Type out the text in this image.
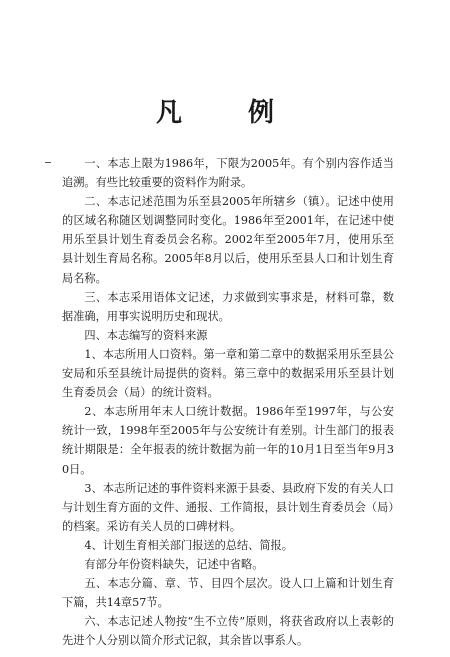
凡　例

一、本志上限为1986年，下限为2005年。有个别内容作适当追溯。有些比较重要的资料作为附录。

二、本志记述范围为乐至县2005年所辖乡（镇）。记述中使用的区域名称随区划调整同时变化。1986年至2001年，在记述中使用乐至县计划生育委员会名称。2002年至2005年7月，使用乐至县计划生育局名称。2005年8月以后，使用乐至县人口和计划生育局名称。

三、本志采用语体文记述，力求做到实事求是，材料可靠，数据准确，用事实说明历史和现状。

四、本志编写的资料来源

1、本志所用人口资料。第一章和第二章中的数据采用乐至县公安局和乐至县统计局提供的资料。第三章中的数据采用乐至县计划生育委员会（局）的统计资料。

2、本志所用年末人口统计数据。1986年至1997年，与公安统计一致，1998年至2005年与公安统计有差别。计生部门的报表统计期限是：全年报表的统计数据为前一年的10月1日至当年9月30日。

3、本志所记述的事件资料来源于县委、县政府下发的有关人口与计划生育方面的文件、通报、工作简报，县计划生育委员会（局）的档案。采访有关人员的口碑材料。

4、计划生育相关部门报送的总结、简报。

有部分年份资料缺失，记述中省略。

五、本志分篇、章、节、目四个层次。设人口上篇和计划生育下篇，共14章57节。

六、本志记述人物按“生不立传”原则，将获省政府以上表彰的先进个人分别以简介形式记叙，其余皆以事系人。
